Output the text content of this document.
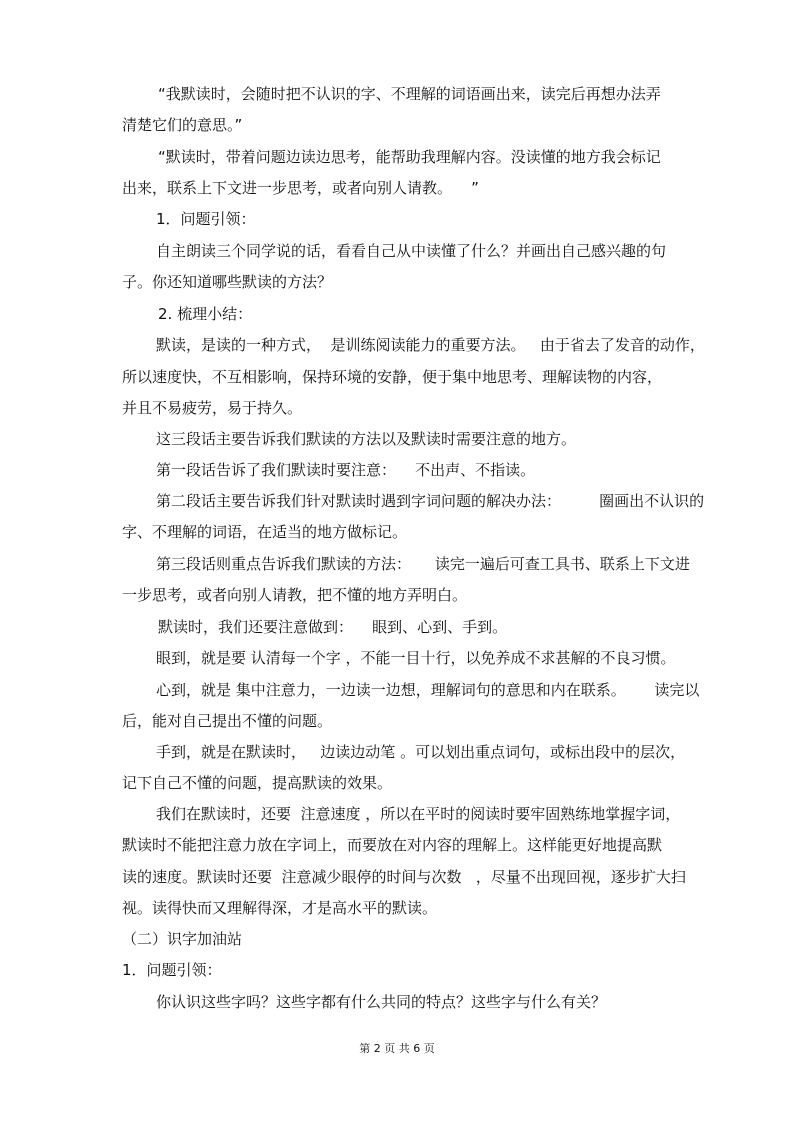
“我默读时，会随时把不认识的字、不理解的词语画出来，读完后再想办法弄
清楚它们的意思。”
“默读时，带着问题边读边思考，能帮助我理解内容。没读懂的地方我会标记
出来，联系上下文进一步思考，或者向别人请教。    ”
1．问题引领：
自主朗读三个同学说的话，看看自己从中读懂了什么？并画出自己感兴趣的句
子。你还知道哪些默读的方法？
2. 梳理小结：
默读，是读的一种方式，  是训练阅读能力的重要方法。   由于省去了发音的动作，
所以速度快，不互相影响，保持环境的安静，便于集中地思考、理解读物的内容，
并且不易疲劳，易于持久。
这三段话主要告诉我们默读的方法以及默读时需要注意的地方。
第一段话告诉了我们默读时要注意：    不出声、不指读。
第二段话主要告诉我们针对默读时遇到字词问题的解决办法：        圈画出不认识的
字、不理解的词语，在适当的地方做标记。
第三段话则重点告诉我们默读的方法：     读完一遍后可查工具书、联系上下文进
一步思考，或者向别人请教，把不懂的地方弄明白。
默读时，我们还要注意做到：    眼到、心到、手到。
眼到，就是要 认清每一个字 ，不能一目十行，以免养成不求甚解的不良习惯。
心到，就是 集中注意力，一边读一边想，理解词句的意思和内在联系。      读完以
后，能对自己提出不懂的问题。
手到，就是在默读时，   边读边动笔 。可以划出重点词句，或标出段中的层次，
记下自己不懂的问题，提高默读的效果。
我们在默读时，还要  注意速度 ，所以在平时的阅读时要牢固熟练地掌握字词，
默读时不能把注意力放在字词上，而要放在对内容的理解上。这样能更好地提高默
读的速度。默读时还要  注意减少眼停的时间与次数   ，尽量不出现回视，逐步扩大扫
视。读得快而又理解得深，才是高水平的默读。
（二）识字加油站
1．问题引领：
你认识这些字吗？这些字都有什么共同的特点？这些字与什么有关？
第 2 页 共 6 页
